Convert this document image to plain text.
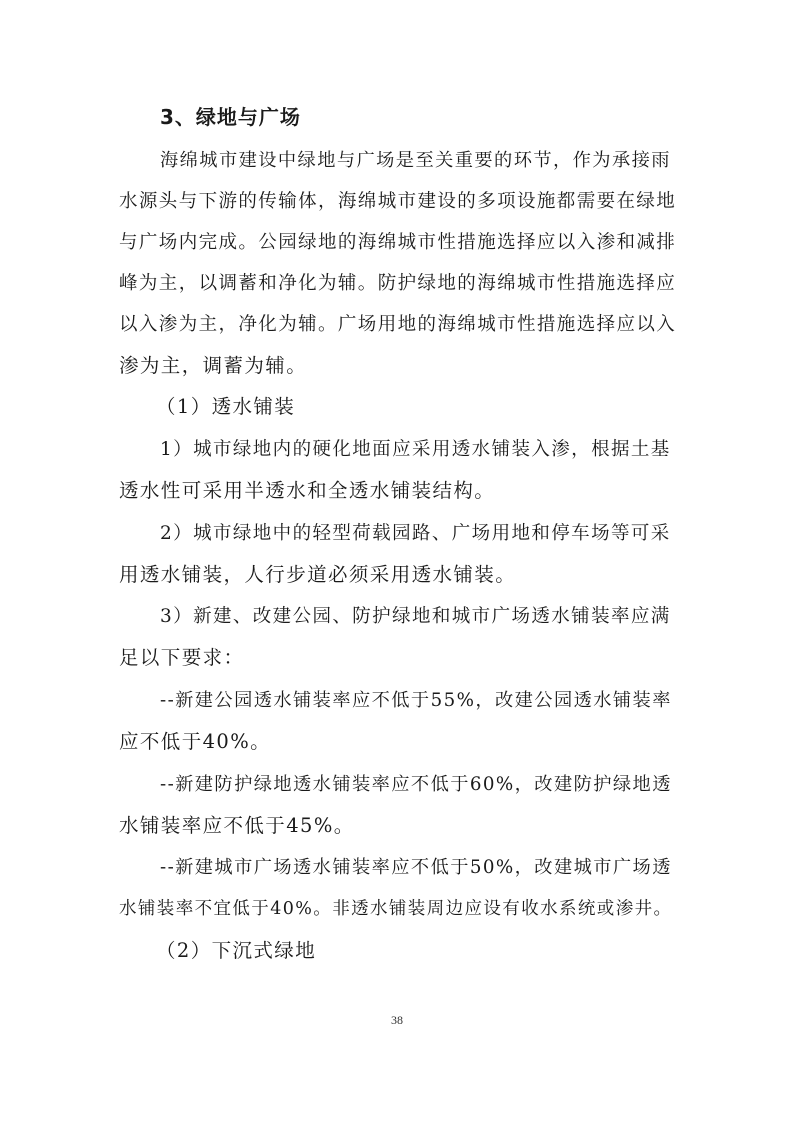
3、绿地与广场
海绵城市建设中绿地与广场是至关重要的环节，作为承接雨
水源头与下游的传输体，海绵城市建设的多项设施都需要在绿地
与广场内完成。公园绿地的海绵城市性措施选择应以入渗和减排
峰为主，以调蓄和净化为辅。防护绿地的海绵城市性措施选择应
以入渗为主，净化为辅。广场用地的海绵城市性措施选择应以入
渗为主，调蓄为辅。
（1）透水铺装
1）城市绿地内的硬化地面应采用透水铺装入渗，根据土基
透水性可采用半透水和全透水铺装结构。
2）城市绿地中的轻型荷载园路、广场用地和停车场等可采
用透水铺装，人行步道必须采用透水铺装。
3）新建、改建公园、防护绿地和城市广场透水铺装率应满
足以下要求：
--新建公园透水铺装率应不低于55%，改建公园透水铺装率
应不低于40%。
--新建防护绿地透水铺装率应不低于60%，改建防护绿地透
水铺装率应不低于45%。
--新建城市广场透水铺装率应不低于50%，改建城市广场透
水铺装率不宜低于40%。非透水铺装周边应设有收水系统或渗井。
（2）下沉式绿地
38
